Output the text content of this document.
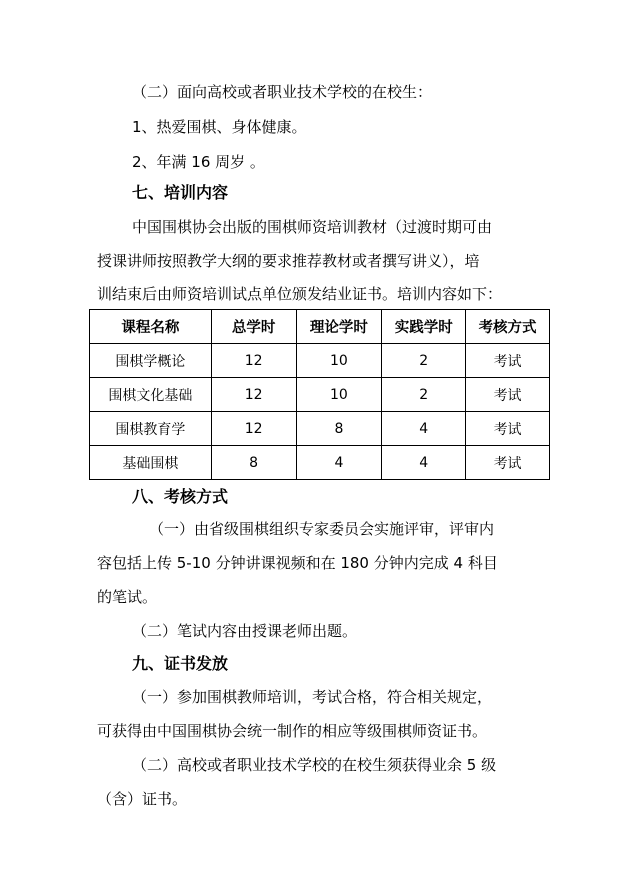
（二）面向高校或者职业技术学校的在校生：
1、热爱围棋、身体健康。
2、年满 16 周岁 。
七、培训内容
中国围棋协会出版的围棋师资培训教材（过渡时期可由
授课讲师按照教学大纲的要求推荐教材或者撰写讲义），培
训结束后由师资培训试点单位颁发结业证书。培训内容如下：
课程名称	总学时	理论学时	实践学时	考核方式
围棋学概论	12	10	2	考试
围棋文化基础	12	10	2	考试
围棋教育学	12	8	4	考试
基础围棋	8	4	4	考试
八、考核方式
（一）由省级围棋组织专家委员会实施评审，评审内
容包括上传 5-10 分钟讲课视频和在 180 分钟内完成 4 科目
的笔试。
（二）笔试内容由授课老师出题。
九、证书发放
（一）参加围棋教师培训，考试合格，符合相关规定，
可获得由中国围棋协会统一制作的相应等级围棋师资证书。
（二）高校或者职业技术学校的在校生须获得业余 5 级
（含）证书。
